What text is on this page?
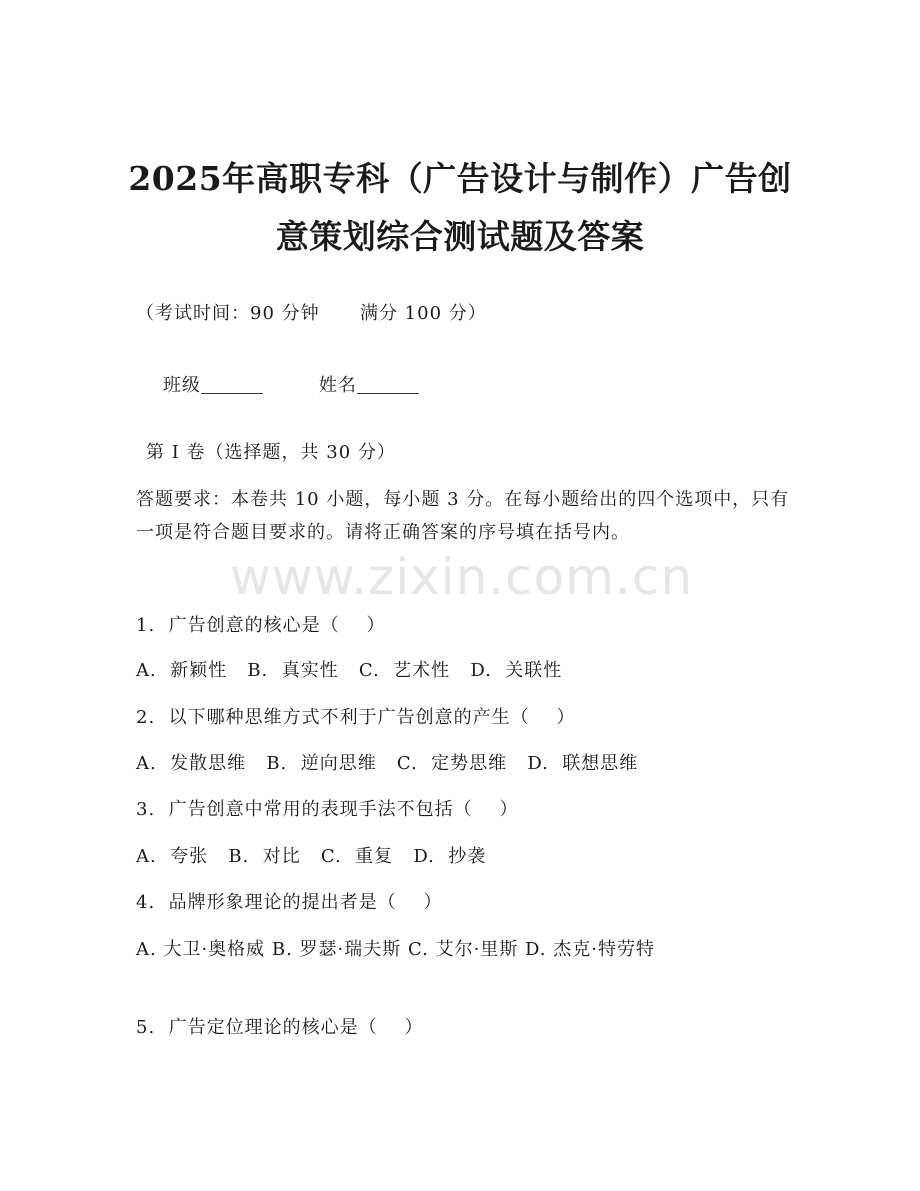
www.zixin.com.cn
2025年高职专科（广告设计与制作）广告创意策划综合测试题及答案
（考试时间：90 分钟      满分 100 分）

班级	姓名

第 I 卷（选择题，共 30 分）
答题要求：本卷共 10 小题，每小题 3 分。在每小题给出的四个选项中，只有一项是符合题目要求的。请将正确答案的序号填在括号内。
1.  广告创意的核心是（    ）
A.  新颖性   B.  真实性   C.  艺术性   D.  关联性
2.  以下哪种思维方式不利于广告创意的产生（    ）
A.  发散思维   B.  逆向思维   C.  定势思维   D.  联想思维
3.  广告创意中常用的表现手法不包括（    ）
A.  夸张   B.  对比   C.  重复   D.  抄袭
4.  品牌形象理论的提出者是（    ）
A. 大卫·奥格威 B. 罗瑟·瑞夫斯 C. 艾尔·里斯 D. 杰克·特劳特
5.  广告定位理论的核心是（    ）
